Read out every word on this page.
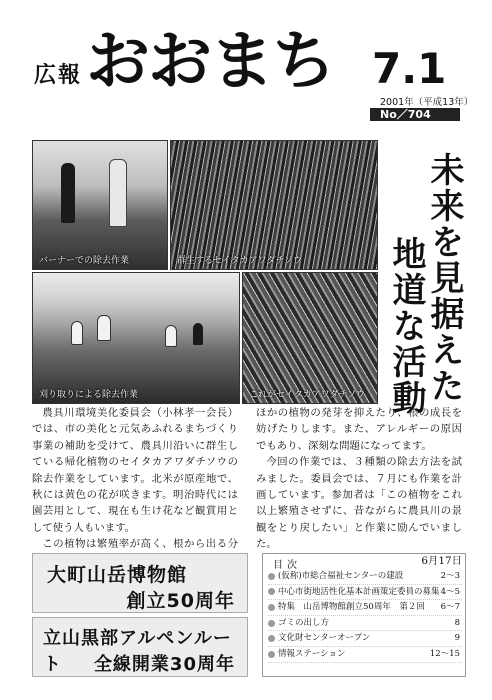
広報 おおまち 7.1
2001年（平成13年）
No／704
バーナーでの除去作業	群生するセイタカアワダチソウ
刈り取りによる除去作業	これがセイタカアワダチソウ 未来を見据えた
地道な活動

農具川環境美化委員会（小林孝一会長）では、市の美化と元気あふれるまちづくり事業の補助を受けて、農具川沿いに群生している帰化植物のセイタカアワダチソウの除去作業をしています。北米が原産地で、秋には黄色の花が咲きます。明治時代には園芸用として、現在も生け花など観賞用として使う人もいます。

この植物は繁殖率が高く、根から出る分

ほかの植物の発芽を抑えたり、根の成長を妨げたりします。また、アレルギーの原因でもあり、深刻な問題になってます。

今回の作業では、３種類の除去方法を試みました。委員会では、７月にも作業を計画しています。参加者は「この植物をこれ以上繁殖させずに、昔ながらに農具川の景観をとり戻したい」と作業に励んでいました。

6月17日

大町山岳博物館
創立50周年
立山黒部アルペンルート	全線開業30周年
目次
(仮称)市総合福祉センターの建設	2～3
中心市街地活性化基本計画策定委員の募集 4～5
特集　山岳博物館創立50周年　第２回 6～7
ゴミの出し方	8
文化財センターオープン	9
情報ステーション	12～15
